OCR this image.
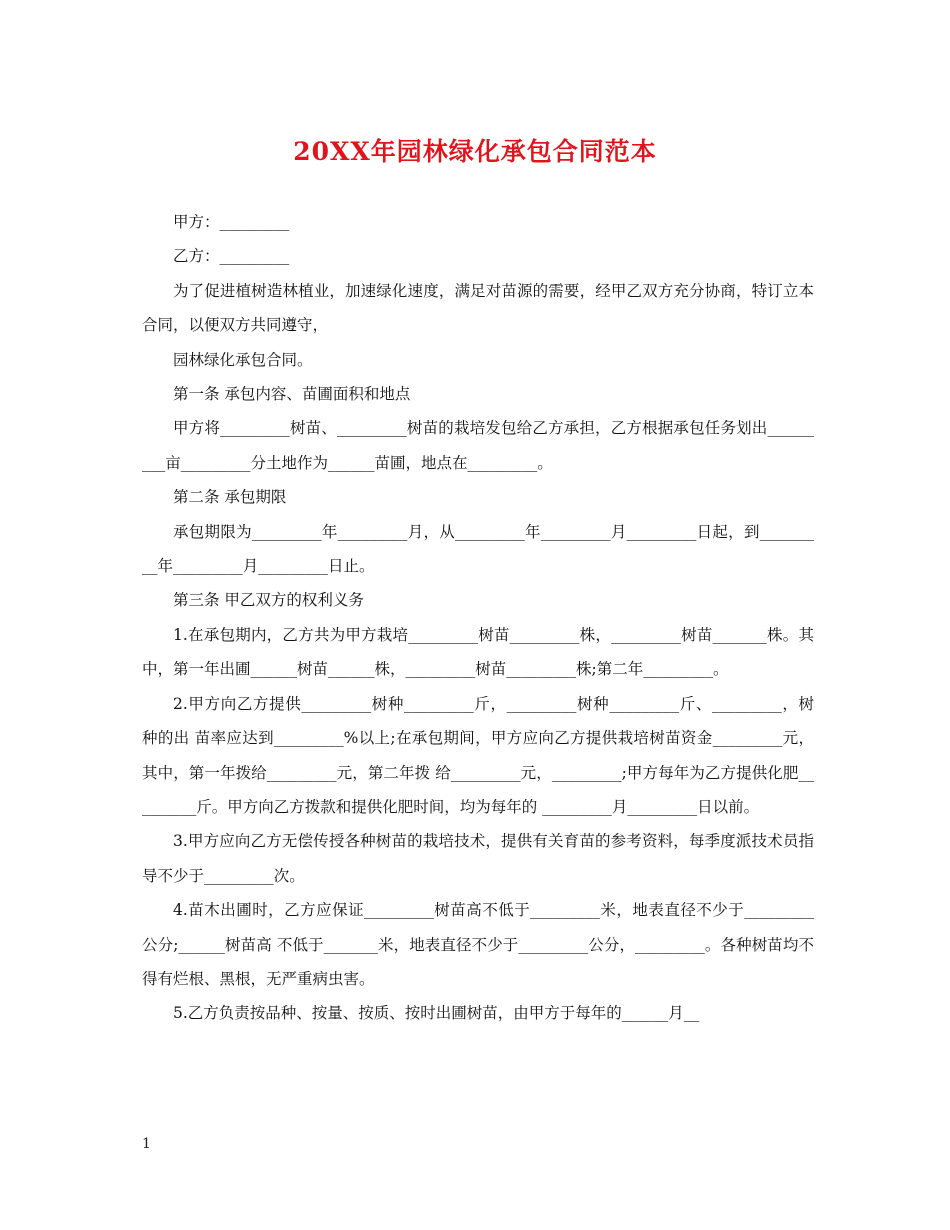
20XX年园林绿化承包合同范本

甲方：_________

乙方：_________

为了促进植树造林植业，加速绿化速度，满足对苗源的需要，经甲乙双方充分协商，特订立本合同，以便双方共同遵守，

园林绿化承包合同。

第一条 承包内容、苗圃面积和地点

甲方将_________树苗、_________树苗的栽培发包给乙方承担，乙方根据承包任务划出_________亩_________分土地作为______苗圃，地点在_________。

第二条 承包期限

承包期限为_________年_________月，从_________年_________月_________日起，到_________年_________月_________日止。

第三条 甲乙双方的权利义务

1.在承包期内，乙方共为甲方栽培_________树苗_________株，_________树苗_______株。其中，第一年出圃______树苗______株，_________树苗_________株;第二年_________。

2.甲方向乙方提供_________树种_________斤，_________树种_________斤、_________，树种的出 苗率应达到_________%以上;在承包期间，甲方应向乙方提供栽培树苗资金_________元，其中，第一年拨给_________元，第二年拨 给_________元，_________;甲方每年为乙方提供化肥_________斤。甲方向乙方拨款和提供化肥时间，均为每年的 _________月_________日以前。

3.甲方应向乙方无偿传授各种树苗的栽培技术，提供有关育苗的参考资料，每季度派技术员指导不少于_________次。

4.苗木出圃时，乙方应保证_________树苗高不低于_________米，地表直径不少于_________公分;______树苗高 不低于_______米，地表直径不少于_________公分，_________。各种树苗均不得有烂根、黑根，无严重病虫害。

5.乙方负责按品种、按量、按质、按时出圃树苗，由甲方于每年的______月__

1
